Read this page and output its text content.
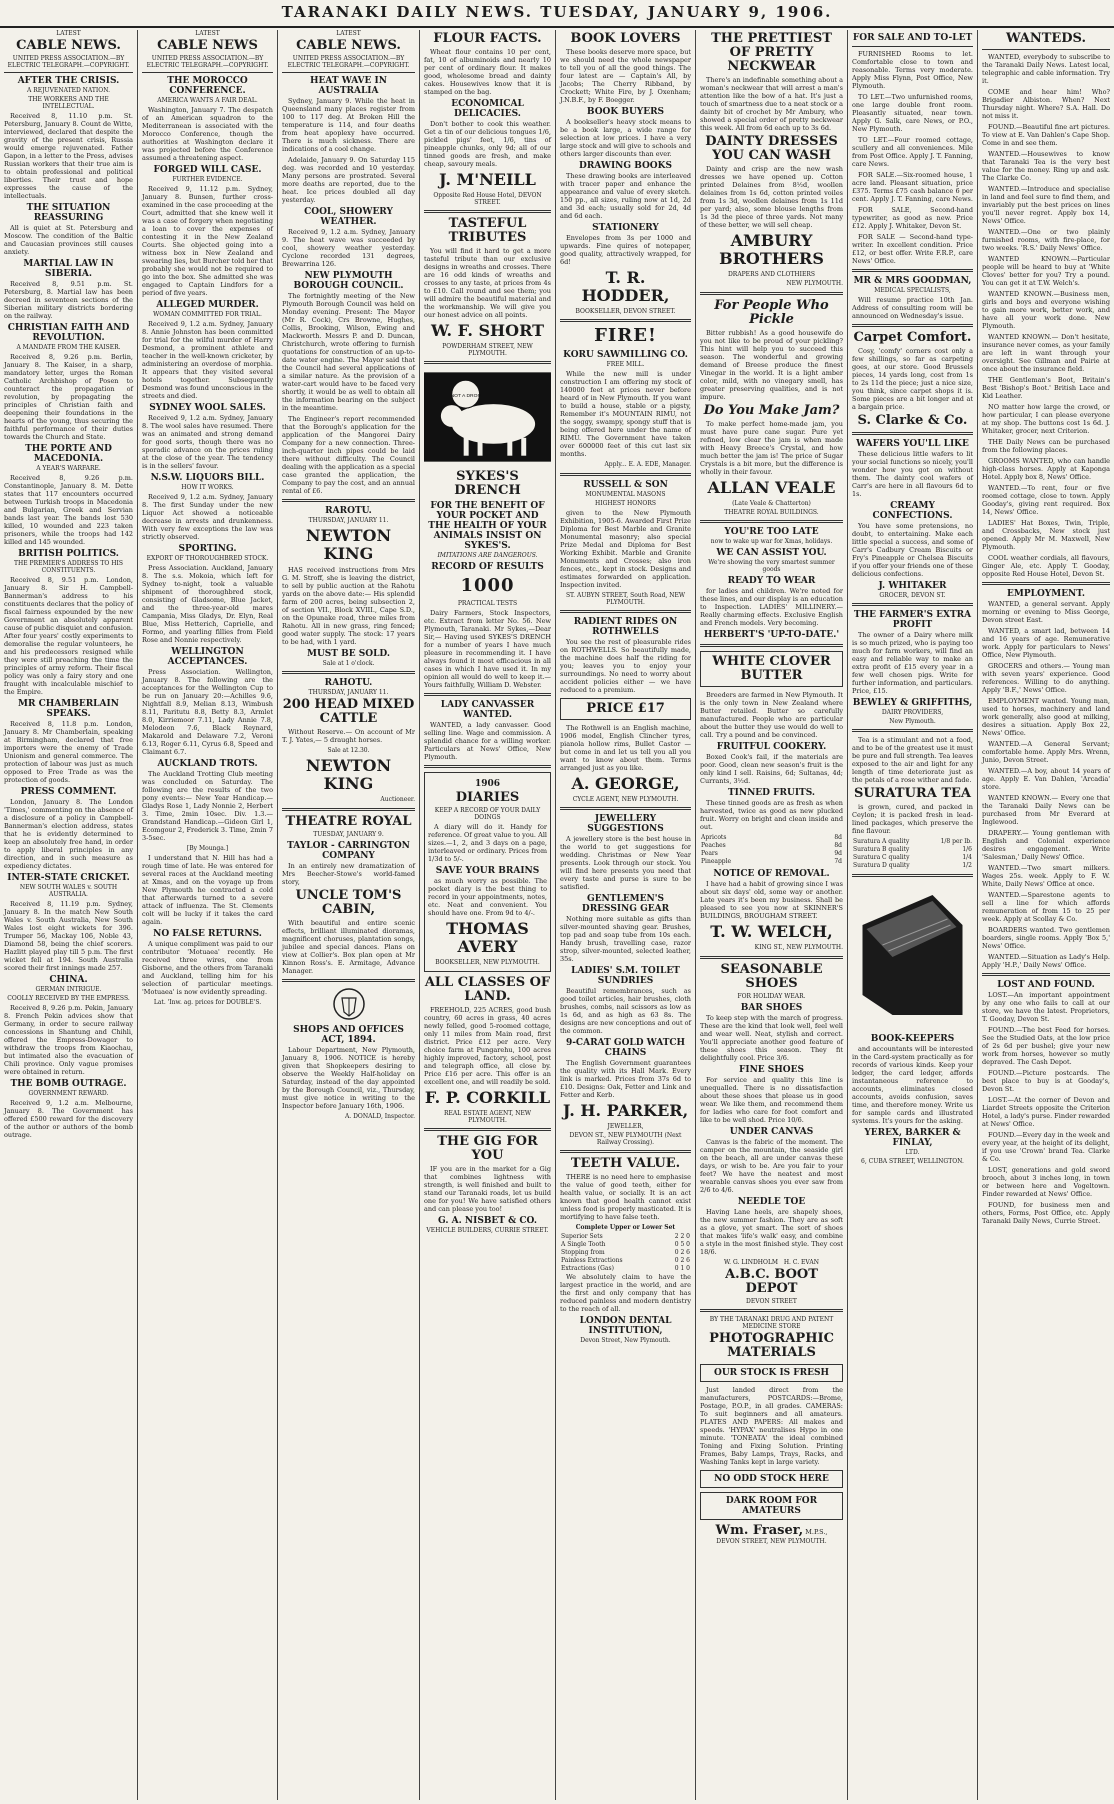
TARANAKI DAILY NEWS. TUESDAY, JANUARY 9, 1906.
LATEST
CABLE NEWS.
UNITED PRESS ASSOCIATION.—BY ELECTRIC TELEGRAPH.—COPYRIGHT.
AFTER THE CRISIS.
A REJUVENATED NATION.
THE WORKERS AND THE INTELLECTUAL.

Received 8, 11.10 p.m. St. Petersburg, January 8. Count de Witte, interviewed, declared that despite the gravity of the present crisis, Russia would emerge rejuvenated. Father Gapon, in a letter to the Press, advises Russian workers that their true aim is to obtain professional and political liberties. Their trust and hope expresses the cause of the intellectuals.

THE SITUATION REASSURING

All is quiet at St. Petersburg and Moscow. The condition of the Baltic and Caucasian provinces still causes anxiety.

MARTIAL LAW IN SIBERIA.

Received 8, 9.51 p.m. St. Petersburg, 8. Martial law has been decreed in seventeen sections of the Siberian military districts bordering on the railway.

CHRISTIAN FAITH AND REVOLUTION.
A MANDATE FROM THE KAISER.

Received 8, 9.26 p.m. Berlin, January 8. The Kaiser, in a sharp, mandatory letter, urges the Roman Catholic Archbishop of Posen to counteract the propagation of revolution, by propagating the principles of Christian faith and deepening their foundations in the hearts of the young, thus securing the faithful performance of their duties towards the Church and State.

THE PORTE AND MACEDONIA.
A YEAR'S WARFARE.

Received 8, 9.26 p.m. Constantinople, January 8. M. Dette states that 117 encounters occurred between Turkish troops in Macedonia and Bulgarian, Greek and Servian bands last year. The bands lost 530 killed, 10 wounded and 223 taken prisoners, while the troops had 142 killed and 145 wounded.

BRITISH POLITICS.
THE PREMIER'S ADDRESS TO HIS CONSTITUENTS.

Received 8, 9.51 p.m. London, January 8. Sir H. Campbell-Bannerman's address to his constituents declares that the policy of fiscal fairness expounded by the new Government an absolutely apparent cause of public disquiet and confusion. After four years' costly experiments to demoralise the regular volunteers, he and his predecessors resigned while they were still preaching the time the principles of army reform. Their fiscal policy was only a fairy story and one fraught with incalculable mischief to the Empire.

MR CHAMBERLAIN SPEAKS.

Received 8, 11.8 p.m. London, January 8. Mr Chamberlain, speaking at Birmingham, declared that free importers were the enemy of Trade Unionism and general commerce. The protection of labour was just as much opposed to Free Trade as was the protection of goods.

PRESS COMMENT.

London, January 8. The London 'Times,' commenting on the absence of a disclosure of a policy in Campbell-Bannerman's election address, states that he is evidently determined to keep an absolutely free hand, in order to apply liberal principles in any direction, and in such measure as expediency dictates.

INTER-STATE CRICKET.
NEW SOUTH WALES v. SOUTH AUSTRALIA.

Received 8, 11.19 p.m. Sydney, January 8. In the match New South Wales v. South Australia, New South Wales lost eight wickets for 396. Trumper 56, Mackay 106, Noble 43, Diamond 58, being the chief scorers. Hazlitt played play till 5 p.m. The first wicket fell at 194. South Australia scored their first innings made 257.

CHINA.
GERMAN INTRIGUE.
COOLLY RECEIVED BY THE EMPRESS.

Received 8, 9.26 p.m. Pekin, January 8. French Pekin advices show that Germany, in order to secure railway concessions in Shantung and Chihli, offered the Empress-Dowager to withdraw the troops from Kiaochau, but intimated also the evacuation of Chili province. Only vague promises were obtained in return.

THE BOMB OUTRAGE.
GOVERNMENT REWARD.

Received 9, 1.2 a.m. Melbourne, January 8. The Government has offered £500 reward for the discovery of the author or authors of the bomb outrage.

LATEST
CABLE NEWS
UNITED PRESS ASSOCIATION.—BY ELECTRIC TELEGRAPH.—COPYRIGHT.
THE MOROCCO CONFERENCE.
AMERICA WANTS A FAIR DEAL.

Washington, January 7. The despatch of an American squadron to the Mediterranean is associated with the Morocco Conference, though the authorities at Washington declare it was projected before the Conference assumed a threatening aspect.

FORGED WILL CASE.
FURTHER EVIDENCE.

Received 9, 11.12 p.m. Sydney, January 8. Bunsen, further cross-examined in the case proceeding at the Court, admitted that she knew well it was a case of forgery when negotiating a loan to cover the expenses of contesting it in the New Zealand Courts. She objected going into a witness box in New Zealand and swearing lies, but Burcher told her that probably she would not be required to go into the box. She admitted she was engaged to Captain Lindfors for a period of five years.

ALLEGED MURDER.
WOMAN COMMITTED FOR TRIAL.

Received 9, 1.2 a.m. Sydney, January 8. Annie Johnston has been committed for trial for the wilful murder of Harry Desmond, a prominent athlete and teacher in the well-known cricketer, by administering an overdose of morphia. It appears that they visited several hotels together. Subsequently Desmond was found unconscious in the streets and died.

SYDNEY WOOL SALES.

Received 9, 1.2 a.m. Sydney, January 8. The wool sales have resumed. There was an animated and strong demand for good sorts, though there was no sporadic advance on the prices ruling at the close of the year. The tendency is in the sellers' favour.

N.S.W. LIQUORS BILL.
HOW IT WORKS.

Received 9, 1.2 a.m. Sydney, January 8. The first Sunday under the new Liquor Act showed a noticeable decrease in arrests and drunkenness. With very few exceptions the law was strictly observed.

SPORTING.
EXPORT OF THOROUGHBRED STOCK.

Press Association. Auckland, January 8. The s.s. Mokoia, which left for Sydney to-night, took a valuable shipment of thoroughbred stock, consisting of Gladsome, Blue Jacket, and the three-year-old mares Campania, Miss Gladys, Dr. Elyn, Real Blue, Miss Hetterich, Caprielle, and Formo, and yearling fillies from Field Rose and Nonnie respectively.

WELLINGTON ACCEPTANCES.

Press Association. Wellington, January 8. The following are the acceptances for the Wellington Cup to be run on January 20:—Achilles 9.6, Nightfall 8.9, Melian 8.13, Wimbush 8.11, Paritutu 8.8, Betty 8.3, Armlet 8.0, Kirriemoor 7.11, Lady Annie 7.8, Melodeon 7.6, Black Reynard, Makarold and Delaware 7.2, Veroni 6.13, Roger 6.11, Cyrus 6.8, Speed and Claimant 6.7.

AUCKLAND TROTS.

The Auckland Trotting Club meeting was concluded on Saturday. The following are the results of the two pony events:— New Year Handicap.—Gladys Rose 1, Lady Nonnie 2, Herbert 3. Time, 2min 10sec. Div. 1.3.— Grandstand Handicap.—Gideon Girl 1, Ecomgour 2, Frederick 3. Time, 2min 7 3-5sec.

[By Mounga.]

I understand that N. Hill has had a rough time of late. He was entered for several races at the Auckland meeting at Xmas, and on the voyage up from New Plymouth he contracted a cold that afterwards turned to a severe attack of influenza. The St. Clements colt will be lucky if it takes the card again.

NO FALSE RETURNS.

A unique compliment was paid to our contributor 'Motuaea' recently. He received three wires, one from Gisborne, and the others from Taranaki and Auckland, telling him for his selection of particular meetings. 'Motuaea' is now evidently spreading.

Lat. 'Inw. ag. prices for DOUBLE'S.
LATEST
CABLE NEWS.
UNITED PRESS ASSOCIATION.—BY ELECTRIC TELEGRAPH.—COPYRIGHT.
HEAT WAVE IN AUSTRALIA

Sydney, January 9. While the heat in Queensland many places register from 100 to 117 deg. At Broken Hill the temperature is 114, and four deaths from heat apoplexy have occurred. There is much sickness. There are indications of a cool change.

Adelaide, January 9. On Saturday 115 deg. was recorded and 10 yesterday. Many persons are prostrated. Several more deaths are reported, due to the heat. Ice prices doubled all day yesterday.

COOL, SHOWERY WEATHER.

Received 9, 1.2 a.m. Sydney, January 9. The heat wave was succeeded by cool, showery weather yesterday. Cyclone recorded 131 degrees, Brewarrina 126.

NEW PLYMOUTH BOROUGH COUNCIL.

The fortnightly meeting of the New Plymouth Borough Council was held on Monday evening. Present: The Mayor (Mr R. Cock), Crs Browne, Hughes, Collis, Brooking, Wilson, Ewing and Mackworth. Messrs P. and D. Duncan, Christchurch, wrote offering to furnish quotations for construction of an up-to-date water engine. The Mayor said that the Council had several applications of a similar nature. As the provision of a water-cart would have to be faced very shortly, it would be as well to obtain all the information bearing on the subject in the meantime.

The Engineer's report recommended that the Borough's application for the application of the Mangorei Dairy Company for a new connection. Three-inch-quarter inch pipes could be laid there without difficulty. The Council dealing with the application as a special case granted the application, the Company to pay the cost, and an annual rental of £6.

RAROTU.
THURSDAY, JANUARY 11.
NEWTON KING

HAS received instructions from Mrs G. M. Stroff, she is leaving the district, to sell by public auction at the Rahotu yards on the above date:— His splendid farm of 200 acres, being subsection 2, of section VII., Block XVIII., Cape S.D., on the Opunake road, three miles from Rahotu. All in new grass, ring fenced; good water supply. The stock: 17 years to be had, with 1 yard.

MUST BE SOLD.
Sale at 1 o'clock.
RAHOTU.
THURSDAY, JANUARY 11.
200 HEAD MIXED CATTLE

Without Reserve.— On account of Mr T. J. Yates,— 5 draught horses.

Sale at 12.30.
NEWTON KING
Auctioneer.
THEATRE ROYAL
TUESDAY, JANUARY 9.
TAYLOR - CARRINGTON COMPANY

In an entirely new dramatization of Mrs Beecher-Stowe's world-famed story,

UNCLE TOM'S CABIN,

With beautiful and entire scenic effects, brilliant illuminated dioramas, magnificent choruses, plantation songs, jubilee and special dances. Plans on view at Collier's. Box plan open at Mr Kinnon Ross's. E. Armitage, Advance Manager.

SHOPS AND OFFICES ACT, 1894.

Labour Department, New Plymouth, January 8, 1906. NOTICE is hereby given that Shopkeepers desiring to observe the Weekly Half-holiday on Saturday, instead of the day appointed by the Borough Council, viz., Thursday, must give notice in writing to the Inspector before January 16th, 1906.

A. DONALD, Inspector.
FLOUR FACTS.

Wheat flour contains 10 per cent, fat, 10 of albuminoids and nearly 10 per cent of ordinary flour. It makes good, wholesome bread and dainty cakes. Housewives know that it is stamped on the bag.

ECONOMICAL DELICACIES.

Don't bother to cook this weather. Get a tin of our delicious tongues 1/6, pickled pigs' feet, 1/6, tins of pineapple chunks, only 9d; all of our tinned goods are fresh, and make cheap, savoury meals.

J. M'NEILL
Opposite Red House Hotel, DEVON STREET.
TASTEFUL TRIBUTES

You will find it hard to get a more tasteful tribute than our exclusive designs in wreaths and crosses. There are 16 odd kinds of wreaths and crosses to any taste, at prices from 4s to £10. Call round and see them; you will admire the beautiful material and the workmanship. We will give you our honest advice on all points.

W. F. SHORT
POWDERHAM STREET, NEW PLYMOUTH.
NOT A DROP
SYKES'S DRENCH
FOR THE BENEFIT OF YOUR POCKET AND THE HEALTH OF YOUR ANIMALS INSIST ON SYKES'S.
IMITATIONS ARE DANGEROUS.
RECORD OF RESULTS
1000
PRACTICAL TESTS

Dairy Farmers, Stock Inspectors, etc. Extract from letter No. 56. New Plymouth, Taranaki. Mr Sykes,—Dear Sir,— Having used SYKES'S DRENCH for a number of years I have much pleasure in recommending it. I have always found it most efficacious in all cases in which I have used it. In my opinion all would do well to keep it.— Yours faithfully, William D. Webster.

LADY CANVASSER WANTED.

WANTED, a lady canvasser. Good selling line. Wage and commission. A splendid chance for a willing worker. Particulars at News' Office, New Plymouth.

1906
DIARIES
KEEP A RECORD OF YOUR DAILY DOINGS

A diary will do it. Handy for reference. Of great value to you. All sizes.—1, 2, and 3 days on a page, interleaved or ordinary. Prices from 1/3d to 5/-.

SAVE YOUR BRAINS

as much worry as possible. The pocket diary is the best thing to record in your appointments, notes, etc. Neat and convenient. You should have one. From 9d to 4/-.

THOMAS AVERY
BOOKSELLER, NEW PLYMOUTH.
ALL CLASSES OF LAND.

FREEHOLD, 225 ACRES, good bush country, 60 acres in grass, 40 acres newly felled, good 5-roomed cottage, only 11 miles from Main road, first district. Price £12 per acre. Very choice farm at Pungarehu, 100 acres highly improved, factory, school, post and telegraph office, all close by. Price £16 per acre. This offer is an excellent one, and will readily be sold.

F. P. CORKILL
REAL ESTATE AGENT, NEW PLYMOUTH.
THE GIG FOR YOU

IF you are in the market for a Gig that combines lightness with strength, is well finished and built to stand our Taranaki roads, let us build one for you! We have satisfied others and can please you too!

G. A. NISBET & CO.
VEHICLE BUILDERS, CURRIE STREET.
BOOK LOVERS

These books deserve more space, but we should need the whole newspaper to tell you of all the good things. The four latest are — Captain's All, by Jacobs; The Cherry Ribband, by Crockett; White Fire, by J. Oxenham; J.N.B.F., by F. Boegger.

BOOK BUYERS

A bookseller's heavy stock means to be a book large, a wide range for selection at low prices. I have a very large stock and will give to schools and others larger discounts than ever.

DRAWING BOOKS

These drawing books are interleaved with tracer paper and enhance the appearance and value of every sketch. 150 pp., all sizes, ruling now at 1d, 2d and 3d each; usually sold for 2d, 4d and 6d each.

STATIONERY

Envelopes from 3s per 1000 and upwards. Fine quires of notepaper, good quality, attractively wrapped, for 6d!

T. R. HODDER,
BOOKSELLER, DEVON STREET.
FIRE!
KORU SAWMILLING CO.
FREE MILL.

While the new mill is under construction I am offering my stock of 140000 feet at prices never before heard of in New Plymouth. If you want to build a house, stable or a pigsty, Remember it's MOUNTAIN RIMU, not the soggy, swampy, spongy stuff that is being offered here under the name of RIMU. The Government have taken over 600000 feet of this cut last six months.

Apply... E. A. EDE, Manager.
RUSSELL & SON
MONUMENTAL MASONS
HIGHEST HONORS

given to the New Plymouth Exhibition, 1905-6. Awarded First Prize Diploma for Best Marble and Granite Monumental masonry; also special Prize Medal and Diploma for Best Working Exhibit. Marble and Granite Monuments and Crosses; also iron fences, etc., kept in stock. Designs and estimates forwarded on application. Inspection invited.

ST. AUBYN STREET, South Road, NEW PLYMOUTH.
RADIENT RIDES ON ROTHWELLS

You see the rest of pleasurable rides on ROTHWELLS. So beautifully made, the machine does half the riding for you; leaves you to enjoy your surroundings. No need to worry about accident policies either — we have reduced to a premium.

PRICE £17

The Rothwell is an English machine, 1906 model, English Clincher tyres, pianola hollow rims, Bullet Castor — but come in and let us tell you all you want to know about them. Terms arranged just as you like.

A. GEORGE,
CYCLE AGENT, NEW PLYMOUTH.
JEWELLERY SUGGESTIONS

A jewellery store is the best house in the world to get suggestions for wedding. Christmas or New Year presents. Look through our stock. You will find here presents you need that every taste and purse is sure to be satisfied.

GENTLEMEN'S DRESSING GEAR

Nothing more suitable as gifts than silver-mounted shaving gear. Brushes, top pad and soap tube from 10s each. Handy brush, travelling case, razor strop, silver-mounted, selected leather, 35s.

LADIES' S.M. TOILET SUNDRIES

Beautiful remembrances, such as good toilet articles, hair brushes, cloth brushes, combs, nail scissors as low as 1s 6d, and as high as 63 8s. The designs are new conceptions and out of the common.

9-CARAT GOLD WATCH CHAINS

The English Government guarantees the quality with its Hall Mark. Every link is marked. Prices from 37s 6d to £10. Designs: Oak, Fetter and Link and Fetter and Kerb.

J. H. PARKER,
JEWELLER,
DEVON ST., NEW PLYMOUTH (Next Railway Crossing).
TEETH VALUE.

THERE is no need here to emphasise the value of good teeth, either for health value, or socially. It is an act known that good health cannot exist unless food is properly masticated. It is mortifying to have false teeth.

Complete Upper or Lower Set
Superior Sets	2 2 0
A Single Tooth	0 5 0
Stopping from	0 2 6
Painless Extractions	0 2 6
Extractions (Gas)	0 1 0

We absolutely claim to have the largest practice in the world, and are the first and only company that has reduced painless and modern dentistry to the reach of all.

LONDON DENTAL INSTITUTION,
Devon Street, New Plymouth.
THE PRETTIEST OF PRETTY NECKWEAR

There's an indefinable something about a woman's neckwear that will arrest a man's attention like the bow of a hat. It's just a touch of smartness due to a neat stock or a dainty bit of crochet by Mr Ambury, who showed a special order of pretty neckwear this week. All from 6d each up to 3s 6d.

DAINTY DRESSES YOU CAN WASH

Dainty and crisp are the new wash dresses we have opened up. Cotton printed Delaines from 8½d, woollen delaines from 1s 6d, cotton printed voiles from 1s 3d, woollen delaines from 1s 11d per yard; also, some blouse lengths from 1s 3d the piece of three yards. Not many of these better, we will sell cheap.

AMBURY BROTHERS
DRAPERS AND CLOTHIERS
NEW PLYMOUTH.
For People Who Pickle

Bitter rubbish! As a good housewife do you not like to be proud of your pickling? This hint will help you to succeed this season. The wonderful and growing demand of Breese produce the finest Vinegar in the world. It is a light amber color, mild, with no vinegary smell, has greater preserving qualities, and is not impure.

Do You Make Jam?

To make perfect home-made jam, you must have pure cane sugar. Pure yet refined, low clear the jam is when made with Heavy Breece's Crystal, and how much better the jam is! The price of Sugar Crystals is a bit more, but the difference is wholly in their favour.

ALLAN VEALE
(Late Veale & Chatterton)
THEATRE ROYAL BUILDINGS.
YOU'RE TOO LATE
now to wake up war for Xmas, holidays.
WE CAN ASSIST YOU.
We're showing the very smartest summer goods
READY TO WEAR

for ladies and children. We're noted for these lines, and our display is an education to Inspection. LADIES' MILLINERY.—Really charming effects. Exclusive English and French models. Very becoming.

HERBERT'S 'UP-TO-DATE.'
WHITE CLOVER BUTTER

Breeders are farmed in New Plymouth. It is the only town in New Zealand where Butter retailed. Butter so carefully manufactured. People who are particular about the butter they use would do well to call. Try a pound and be convinced.

FRUITFUL COOKERY.

Boxed Cook's fail, if the materials are poor. Good, clean new season's fruit is the only kind I sell. Raisins, 6d; Sultanas, 4d; Currants, 3½d.

TINNED FRUITS.

These tinned goods are as fresh as when harvested, twice as good as new plucked fruit. Worry on bright and clean inside and out.

Apricots	8d
Peaches	8d
Pears	9d
Pineapple	7d
NOTICE OF REMOVAL.

I have had a habit of growing since I was about six days' old, some way or another. Late years it's been my business. Shall be pleased to see you now at SKINNER'S BUILDINGS, BROUGHAM STREET.

T. W. WELCH,
KING ST., NEW PLYMOUTH.
SEASONABLE SHOES
FOR HOLIDAY WEAR.
BAR SHOES

To keep step with the march of progress. These are the kind that look well, feel well and wear well. Neat, stylish and correct. You'll appreciate another good feature of these shoes this season. They fit delightfully cool. Price 3/6.

FINE SHOES

For service and quality this line is unequalled. There is no dissatisfaction about these shoes that please us in good wear. We like them, and recommend them for ladies who care for foot comfort and like to be well shod. Price 10/6.

UNDER CANVAS

Canvas is the fabric of the moment. The camper on the mountain, the seaside girl on the beach, all are under canvas these days, or wish to be. Are you fair to your feet? We have the neatest and most wearable canvas shoes you ever saw from 2/6 to 4/6.

NEEDLE TOE

Having Lane heels, are shapely shoes, the new summer fashion. They are as soft as a glove, yet smart. The sort of shoes that makes 'life's walk' easy, and combine a style in the most finished style. They cost 18/6.

W. G. LINDHOLM H. C. EVAN
A.B.C. BOOT DEPOT
DEVON STREET
BY THE TARANAKI DRUG AND PATENT MEDICINE STORE
PHOTOGRAPHIC MATERIALS
OUR STOCK IS FRESH

Just landed direct from the manufacturers, POSTCARDS:—Brome, Postage, P.O.P., in all grades. CAMERAS: To suit beginners and all amateurs. PLATES AND PAPERS: All makes and speeds. 'HYPAX' neutralises Hypo in one minute. 'TONEATA' the ideal combined Toning and Fixing Solution. Printing Frames, Baby Lamps, Trays, Racks, and Washing Tanks kept in large variety.

NO ODD STOCK HERE
DARK ROOM FOR AMATEURS
Wm. Fraser, M.P.S.,
DEVON STREET, NEW PLYMOUTH.
FOR SALE AND TO-LET

FURNISHED Rooms to let. Comfortable close to town and reasonable. Terms very moderate. Apply Miss Flynn, Post Office, New Plymouth.

TO LET.—Two unfurnished rooms, one large double front room. Pleasantly situated, near town. Apply G. Salk, care News, or P.O., New Plymouth.

TO LET.—Four roomed cottage, scullery and all conveniences. Mile from Post Office. Apply J. T. Fanning, care News.

FOR SALE.—Six-roomed house, 1 acre land. Pleasant situation, price £375. Terms £75 cash balance 6 per cent. Apply J. T. Fanning, care News.

FOR SALE, Second-hand typewriter, as good as new. Price £12. Apply J. Whitaker, Devon St.

FOR SALE — Second-hand type-writer. In excellent condition. Price £12, or best offer. Write F.R.P., care News' Office.

MR & MRS GOODMAN,
MEDICAL SPECIALISTS,

Will resume practice 10th Jan. Address of consulting room will be announced on Wednesday's issue.

Carpet Comfort.

Cosy, 'comfy' corners cost only a few shillings, so far as carpeting goes, at our store. Good Brussels pieces, 14 yards long, cost from 1s to 2s 11d the piece; just a nice size, you think, since carpet shops it is. Some pieces are a bit longer and at a bargain price.

S. Clarke & Co.
WAFERS YOU'LL LIKE

These delicious little wafers to lit your social functions so nicely, you'll wonder how you got on without them. The dainty cool wafers of Carr's are here in all flavours 6d to 1s.

CREAMY CONFECTIONS.

You have some pretensions, no doubt, to entertaining. Make each little special a success, and some of Carr's Cadbury Cream Biscuits or Fry's Pineapple or Chelsea Biscuits if you offer your friends one of these delicious confections.

J. WHITAKER
GROCER, DEVON ST.
THE FARMER'S EXTRA PROFIT

The owner of a Dairy where milk is so much prized, who is paying too much for farm workers, will find an easy and reliable way to make an extra profit of £15 every year in a few well chosen pigs. Write for further information, and particulars. Price, £15.

BEWLEY & GRIFFITHS,
DAIRY PROVIDERS,
New Plymouth.

Tea is a stimulant and not a food, and to be of the greatest use it must be pure and full strength. Tea leaves exposed to the air and light for any length of time deteriorate just as the petals of a rose wither and fade.

SURATURA TEA

is grown, cured, and packed in Ceylon; it is packed fresh in lead-lined packages, which preserve the fine flavour.

Suratura A quality	1/8 per lb.
Suratura B quality	1/6
Suratura C quality	1/4
Suratura D quality	1/2
BOOK-KEEPERS

and accountants will be interested in the Card-system practically as for records of various kinds. Keep your ledger, the card ledger, affords instantaneous reference to accounts, eliminates closed accounts, avoids confusion, saves time, and therefore money. Write us for sample cards and illustrated systems. It's yours for the asking.

YEREX, BARKER & FINLAY,
LTD.
6, CUBA STREET, WELLINGTON.
WANTEDS.

WANTED, everybody to subscribe to the Taranaki Daily News. Latest local, telegraphic and cable information. Try it.

COME and hear him! Who? Brigadier Albiston. When? Next Thursday night. Where? S.A. Hall. Do not miss it.

FOUND.—Beautiful fine art pictures. To view at E. Van Dahlen's Cape Shop. Come in and see them.

WANTED.—Housewives to know that Taranaki Tea is the very best value for the money. Ring up and ask. The Clarke Co.

WANTED.—Introduce and specialise in land and feel sure to find them, and invariably put the best prices on lines you'll never regret. Apply box 14, News' Office.

WANTED.—One or two plainly furnished rooms, with fire-place, for two weeks. 'R.S.' Daily News' Office.

WANTED KNOWN.—Particular people will be heard to buy at 'White Cloves' better for you? Try a pound. You can get it at T.W. Welch's.

WANTED KNOWN.—Business men, girls and boys and everyone wishing to gain more work, better work, and have all your work done. New Plymouth.

WANTED KNOWN.— Don't hesitate, insurance never comes, as your family are left in want through your oversight. See Gillman and Pairie at once about the insurance field.

THE Gentleman's Boot, Britain's Best 'Bishop's Boot.' British Lace and Kid Leather.

NO matter how large the crowd, or how particular, I can please everyone at my shop. The buttons cost 1s 6d. J. Whitaker, grocer, next Criterion.

THE Daily News can be purchased from the following places.

GROOMS WANTED, who can handle high-class horses. Apply at Kaponga Hotel. Apply box 8, News' Office.

WANTED.—To rent, four or five roomed cottage, close to town. Apply Gooday's, giving rent required. Box 14, News' Office.

LADIES' Hat Boxes, Twin, Triple, and Crossbacks, New stock just opened. Apply Mr M. Maxwell, New Plymouth.

COOL weather cordials, all flavours, Ginger Ale, etc. Apply T. Gooday, opposite Red House Hotel, Devon St.

EMPLOYMENT.

WANTED, a general servant. Apply morning or evening to Miss George, Devon street East.

WANTED, a smart lad, between 14 and 16 years of age. Remunerative work. Apply for particulars to News' Office, New Plymouth.

GROCERS and others.— Young man with seven years' experience. Good references. Willing to do anything. Apply 'B.F.,' News' Office.

EMPLOYMENT wanted. Young man, used to horses, machinery and land work generally, also good at milking, desires a situation. Apply Box 22, News' Office.

WANTED.—A General Servant; comfortable home. Apply Mrs. Wrenn, Junio, Devon Street.

WANTED.—A boy, about 14 years of age. Apply E. Van Dahlen, 'Arcadia' store.

WANTED KNOWN.— Every one that the Taranaki Daily News can be purchased from Mr Everard at Inglewood.

DRAPERY.— Young gentleman with English and Colonial experience desires engagement. Write 'Salesman,' Daily News' Office.

WANTED.—Two smart milkers. Wages 25s. week. Apply to F. W. White, Daily News' Office at once.

WANTED.—Sparestone agents to sell a line for which affords remuneration of from 15 to 25 per week. Apply at Scollay & Co.

BOARDERS wanted. Two gentlemen boarders, single rooms. Apply 'Box 5,' News' Office.

WANTED.—Situation as Lady's Help. Apply 'H.P.,' Daily News' Office.

LOST AND FOUND.

LOST.—An important appointment by any one who fails to call at our store, we have the latest. Proprietors, T. Gooday, Devon St.

FOUND.—The best Feed for horses. See the Studied Oats, at the low price of 2s 6d per bushel; give your new work from horses, however so mutly depraved. The Cash Depot.

FOUND.—Picture postcards. The best place to buy is at Gooday's, Devon St.

LOST.—At the corner of Devon and Liardet Streets opposite the Criterion Hotel, a lady's purse. Finder rewarded at News' Office.

FOUND.—Every day in the week and every year, at the height of its delight, if you use 'Crown' brand Tea. Clarke & Co.

LOST, generations and gold sword brooch, about 3 inches long, in town or between here and Vogeltown. Finder rewarded at News' Office.

FOUND, for business men and others, Forms, Post Office, etc. Apply Taranaki Daily News, Currie Street.
